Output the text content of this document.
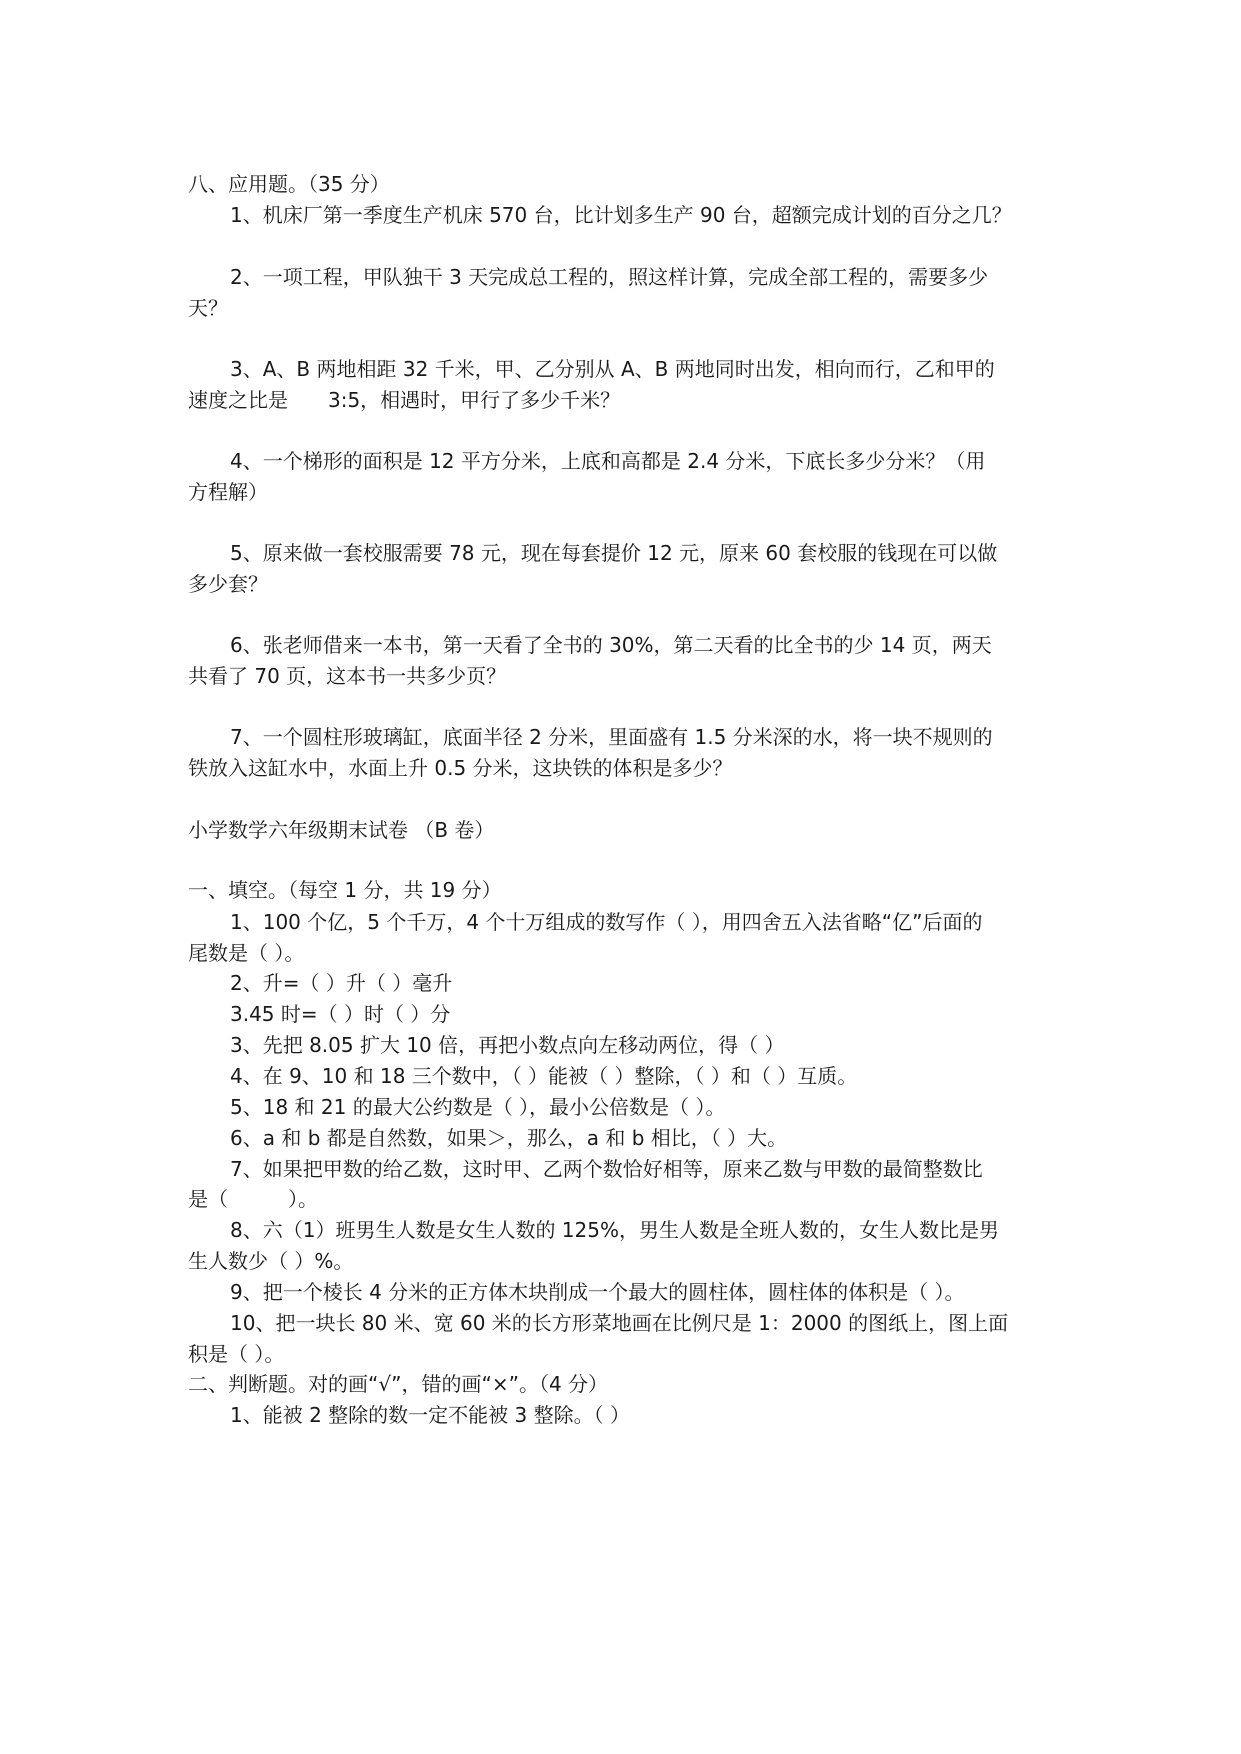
八、应用题。（35 分）
1、机床厂第一季度生产机床 570 台，比计划多生产 90 台，超额完成计划的百分之几？
2、一项工程，甲队独干 3 天完成总工程的，照这样计算，完成全部工程的，需要多少
天？
3、A、B 两地相距 32 千米，甲、乙分别从 A、B 两地同时出发，相向而行，乙和甲的
速度之比是　　3:5，相遇时，甲行了多少千米？
4、一个梯形的面积是 12 平方分米，上底和高都是 2.4 分米，下底长多少分米？（用
方程解）
5、原来做一套校服需要 78 元，现在每套提价 12 元，原来 60 套校服的钱现在可以做
多少套？
6、张老师借来一本书，第一天看了全书的 30%，第二天看的比全书的少 14 页，两天
共看了 70 页，这本书一共多少页？
7、一个圆柱形玻璃缸，底面半径 2 分米，里面盛有 1.5 分米深的水，将一块不规则的
铁放入这缸水中，水面上升 0.5 分米，这块铁的体积是多少？
小学数学六年级期末试卷 （B 卷）
一、填空。（每空 1 分，共 19 分）
1、100 个亿，5 个千万，4 个十万组成的数写作（ ），用四舍五入法省略“亿”后面的
尾数是（ ）。
2、升=（ ）升（ ）毫升
3.45 时=（ ）时（ ）分
3、先把 8.05 扩大 10 倍，再把小数点向左移动两位，得（ ）
4、在 9、10 和 18 三个数中，（ ）能被（ ）整除，（ ）和（ ）互质。
5、18 和 21 的最大公约数是（ ），最小公倍数是（ ）。
6、a 和 b 都是自然数，如果＞，那么，a 和 b 相比，（ ）大。
7、如果把甲数的给乙数，这时甲、乙两个数恰好相等，原来乙数与甲数的最简整数比
是（　　　）。
8、六（1）班男生人数是女生人数的 125%，男生人数是全班人数的，女生人数比是男
生人数少（ ）%。
9、把一个棱长 4 分米的正方体木块削成一个最大的圆柱体，圆柱体的体积是（ ）。
10、把一块长 80 米、宽 60 米的长方形菜地画在比例尺是 1：2000 的图纸上，图上面
积是（ ）。
二、判断题。对的画“√”，错的画“×”。（4 分）
1、能被 2 整除的数一定不能被 3 整除。（ ）
